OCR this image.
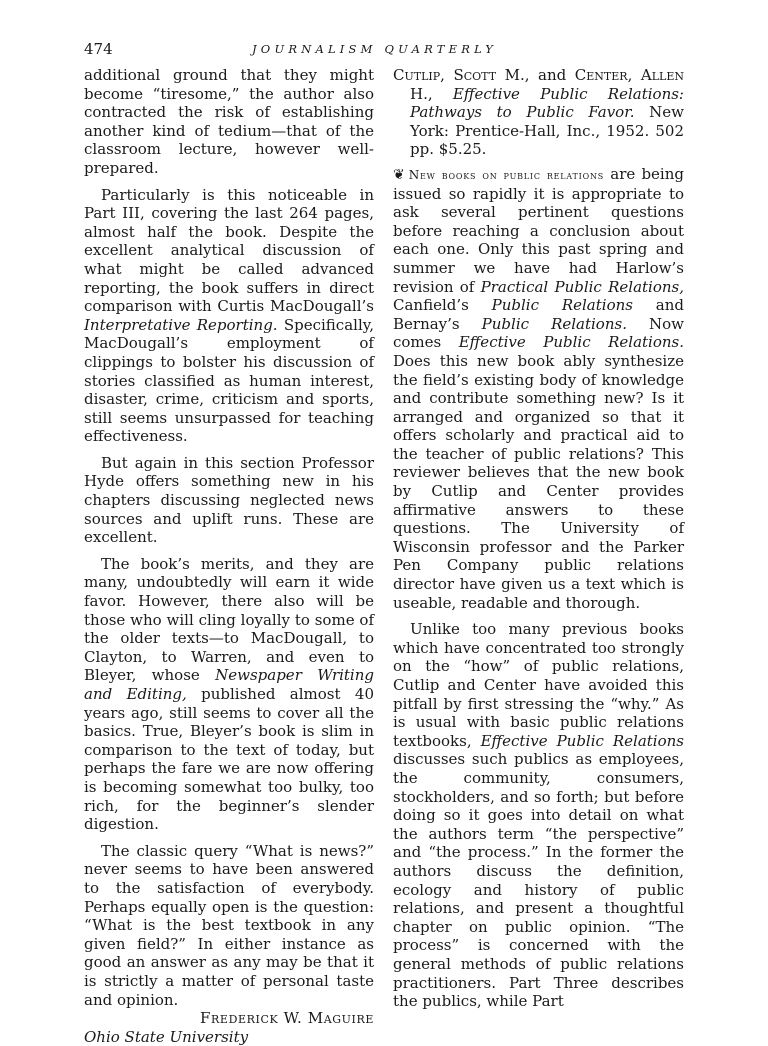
474	JOURNALISM QUARTERLY

additional ground that they might become “tiresome,” the author also contracted the risk of establishing another kind of tedium—that of the classroom lecture, however well-prepared.

Particularly is this noticeable in Part III, covering the last 264 pages, almost half the book. Despite the excellent analytical discussion of what might be called advanced reporting, the book suffers in direct comparison with Curtis MacDougall’s Interpretative Reporting. Specifically, MacDougall’s employment of clippings to bolster his discussion of stories classified as human interest, disaster, crime, criticism and sports, still seems unsurpassed for teaching effectiveness.

But again in this section Professor Hyde offers something new in his chapters discussing neglected news sources and uplift runs. These are excellent.

The book’s merits, and they are many, undoubtedly will earn it wide favor. However, there also will be those who will cling loyally to some of the older texts—to MacDougall, to Clayton, to Warren, and even to Bleyer, whose Newspaper Writing and Editing, published almost 40 years ago, still seems to cover all the basics. True, Bleyer’s book is slim in comparison to the text of today, but perhaps the fare we are now offering is becoming somewhat too bulky, too rich, for the beginner’s slender digestion.

The classic query “What is news?” never seems to have been answered to the satisfaction of everybody. Perhaps equally open is the question: “What is the best textbook in any given field?” In either instance as good an answer as any may be that it is strictly a matter of personal taste and opinion.

Frederick W. Maguire

Ohio State University

Cutlip, Scott M., and Center, Allen H., Effective Public Relations: Pathways to Public Favor. New York: Prentice-Hall, Inc., 1952. 502 pp. $5.25.

❦ New books on public relations are being issued so rapidly it is appropriate to ask several pertinent questions before reaching a conclusion about each one. Only this past spring and summer we have had Harlow’s revision of Practical Public Relations, Canfield’s Public Relations and Bernay’s Public Relations. Now comes Effective Public Relations. Does this new book ably synthesize the field’s existing body of knowledge and contribute something new? Is it arranged and organized so that it offers scholarly and practical aid to the teacher of public relations? This reviewer believes that the new book by Cutlip and Center provides affirmative answers to these questions. The University of Wisconsin professor and the Parker Pen Company public relations director have given us a text which is useable, readable and thorough.

Unlike too many previous books which have concentrated too strongly on the “how” of public relations, Cutlip and Center have avoided this pitfall by first stressing the “why.” As is usual with basic public relations textbooks, Effective Public Relations discusses such publics as employees, the community, consumers, stockholders, and so forth; but before doing so it goes into detail on what the authors term “the perspective” and “the process.” In the former the authors discuss the definition, ecology and history of public relations, and present a thoughtful chapter on public opinion. “The process” is concerned with the general methods of public relations practitioners. Part Three describes the publics, while Part
